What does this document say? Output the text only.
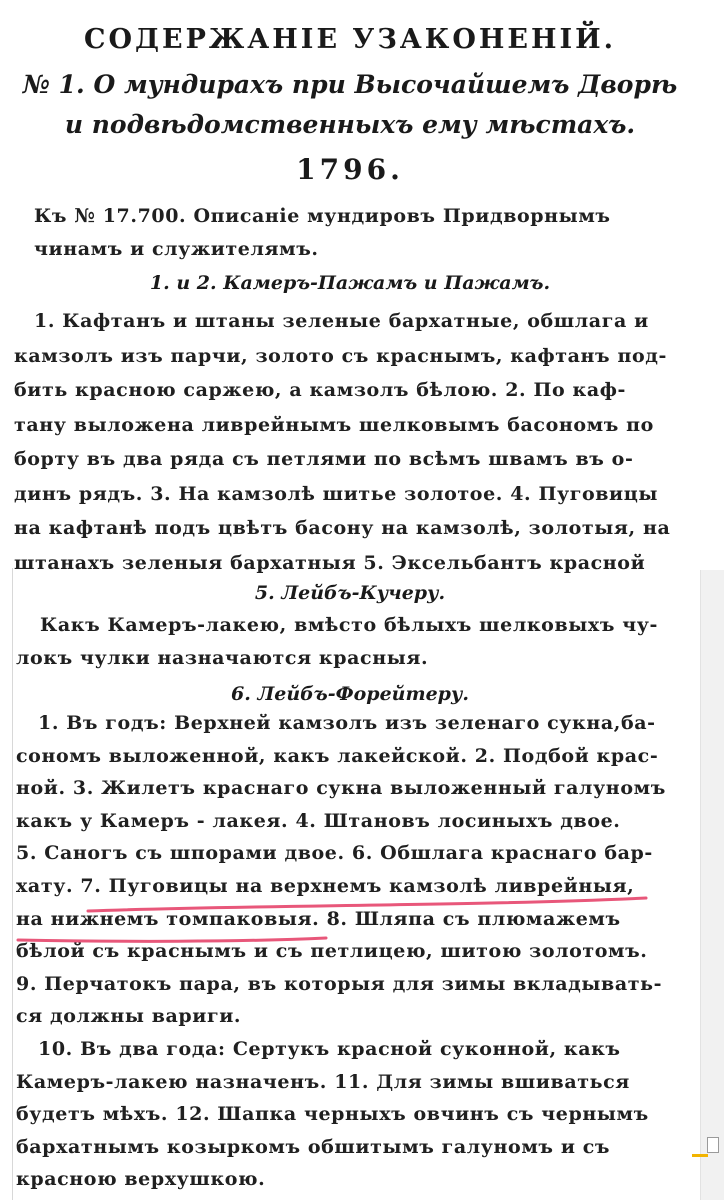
СОДЕРЖАНІЕ УЗАКОНЕНІЙ.
№ 1. О мундирахъ при Высочайшемъ Дворѣ
и подвѣдомственныхъ ему мѣстахъ.
1796.
Къ № 17.700. Описаніе мундировъ Придворнымъ
чинамъ и служителямъ.
1. и 2. Камеръ-Пажамъ и Пажамъ.
1. Кафтанъ и штаны зеленые бархатные, обшлага и
камзолъ изъ парчи, золото съ краснымъ, кафтанъ под-
бить красною саржею, а камзолъ бѣлою. 2. По каф-
тану выложена ливрейнымъ шелковымъ басономъ по
борту въ два ряда съ петлями по всѣмъ швамъ въ о-
динъ рядъ. 3. На камзолѣ шитье золотое. 4. Пуговицы
на кафтанѣ подъ цвѣтъ басону на камзолѣ, золотыя, на
штанахъ зеленыя бархатныя 5. Эксельбантъ красной
5. Лейбъ-Кучеру.
Какъ Камеръ-лакею, вмѣсто бѣлыхъ шелковыхъ чу-
локъ чулки назначаются красныя.
6. Лейбъ-Форейтеру.
1. Въ годъ: Верхней камзолъ изъ зеленаго сукна,ба-
сономъ выложенной, какъ лакейской. 2. Подбой крас-
ной. 3. Жилетъ краснаго сукна выложенный галуномъ
какъ у Камеръ - лакея. 4. Штановъ лосиныхъ двое.
5. Саногъ съ шпорами двое. 6. Обшлага краснаго бар-
хату. 7. Пуговицы на верхнемъ камзолѣ ливрейныя,
на нижнемъ томпаковыя. 8. Шляпа съ плюмажемъ
бѣлой съ краснымъ и съ петлицею, шитою золотомъ.
9. Перчатокъ пара, въ которыя для зимы вкладывать-
ся должны вариги.
10. Въ два года: Сертукъ красной суконной, какъ
Камеръ-лакею назначенъ. 11. Для зимы вшиваться
будетъ мѣхъ. 12. Шапка черныхъ овчинъ съ чернымъ
бархатнымъ козыркомъ обшитымъ галуномъ и съ
красною верхушкою.
